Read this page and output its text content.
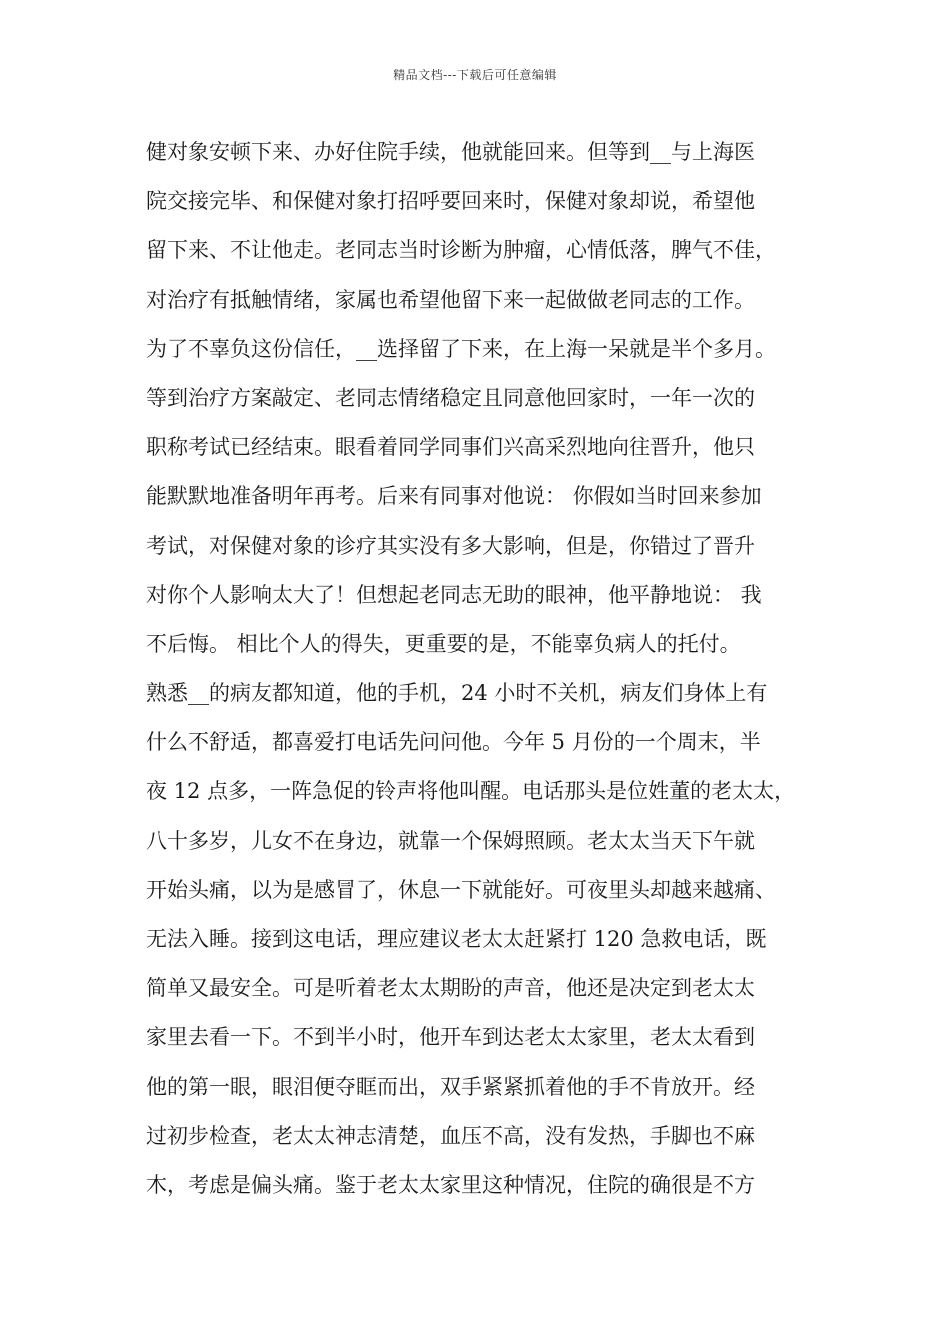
精品文档---下载后可任意编辑
健对象安顿下来、办好住院手续，他就能回来。但等到__与上海医
院交接完毕、和保健对象打招呼要回来时，保健对象却说，希望他
留下来、不让他走。老同志当时诊断为肿瘤，心情低落，脾气不佳，
对治疗有抵触情绪，家属也希望他留下来一起做做老同志的工作。
为了不辜负这份信任，__选择留了下来，在上海一呆就是半个多月。
等到治疗方案敲定、老同志情绪稳定且同意他回家时，一年一次的
职称考试已经结束。眼看着同学同事们兴高采烈地向往晋升，他只
能默默地准备明年再考。后来有同事对他说： 你假如当时回来参加
考试，对保健对象的诊疗其实没有多大影响，但是，你错过了晋升
对你个人影响太大了！但想起老同志无助的眼神，他平静地说： 我
不后悔。 相比个人的得失，更重要的是，不能辜负病人的托付。
熟悉__的病友都知道，他的手机，24 小时不关机，病友们身体上有
什么不舒适，都喜爱打电话先问问他。今年 5 月份的一个周末，半
夜 12 点多，一阵急促的铃声将他叫醒。电话那头是位姓董的老太太，
八十多岁，儿女不在身边，就靠一个保姆照顾。老太太当天下午就
开始头痛，以为是感冒了，休息一下就能好。可夜里头却越来越痛、
无法入睡。接到这电话，理应建议老太太赶紧打 120 急救电话，既
简单又最安全。可是听着老太太期盼的声音，他还是决定到老太太
家里去看一下。不到半小时，他开车到达老太太家里，老太太看到
他的第一眼，眼泪便夺眶而出，双手紧紧抓着他的手不肯放开。经
过初步检查，老太太神志清楚，血压不高，没有发热，手脚也不麻
木，考虑是偏头痛。鉴于老太太家里这种情况，住院的确很是不方
